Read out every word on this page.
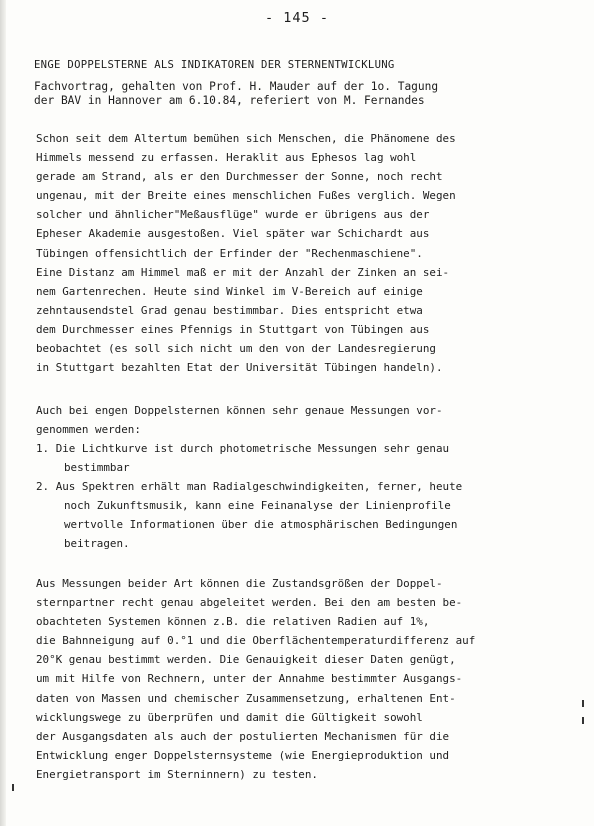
- 145 -
ENGE DOPPELSTERNE ALS INDIKATOREN DER STERNENTWICKLUNG
Fachvortrag, gehalten von Prof. H. Mauder auf der 1o. Tagung
der BAV in Hannover am 6.10.84, referiert von M. Fernandes
Schon seit dem Altertum bemühen sich Menschen, die Phänomene des
Himmels messend zu erfassen. Heraklit aus Ephesos lag wohl
gerade am Strand, als er den Durchmesser der Sonne, noch recht
ungenau, mit der Breite eines menschlichen Fußes verglich. Wegen
solcher und ähnlicher"Meßausflüge" wurde er übrigens aus der
Epheser Akademie ausgestoßen. Viel später war Schichardt aus
Tübingen offensichtlich der Erfinder der "Rechenmaschiene".
Eine Distanz am Himmel maß er mit der Anzahl der Zinken an sei-
nem Gartenrechen. Heute sind Winkel im V-Bereich auf einige
zehntausendstel Grad genau bestimmbar. Dies entspricht etwa
dem Durchmesser eines Pfennigs in Stuttgart von Tübingen aus
beobachtet (es soll sich nicht um den von der Landesregierung
in Stuttgart bezahlten Etat der Universität Tübingen handeln).
Auch bei engen Doppelsternen können sehr genaue Messungen vor-
genommen werden:
1. Die Lichtkurve ist durch photometrische Messungen sehr genau
bestimmbar
2. Aus Spektren erhält man Radialgeschwindigkeiten, ferner, heute
noch Zukunftsmusik, kann eine Feinanalyse der Linienprofile
wertvolle Informationen über die atmosphärischen Bedingungen
beitragen.
Aus Messungen beider Art können die Zustandsgrößen der Doppel-
sternpartner recht genau abgeleitet werden. Bei den am besten be-
obachteten Systemen können z.B. die relativen Radien auf 1%,
die Bahnneigung auf 0.°1 und die Oberflächentemperaturdifferenz auf
20°K genau bestimmt werden. Die Genauigkeit dieser Daten genügt,
um mit Hilfe von Rechnern, unter der Annahme bestimmter Ausgangs-
daten von Massen und chemischer Zusammensetzung, erhaltenen Ent-
wicklungswege zu überprüfen und damit die Gültigkeit sowohl
der Ausgangsdaten als auch der postulierten Mechanismen für die
Entwicklung enger Doppelsternsysteme (wie Energieproduktion und
Energietransport im Sterninnern) zu testen.
